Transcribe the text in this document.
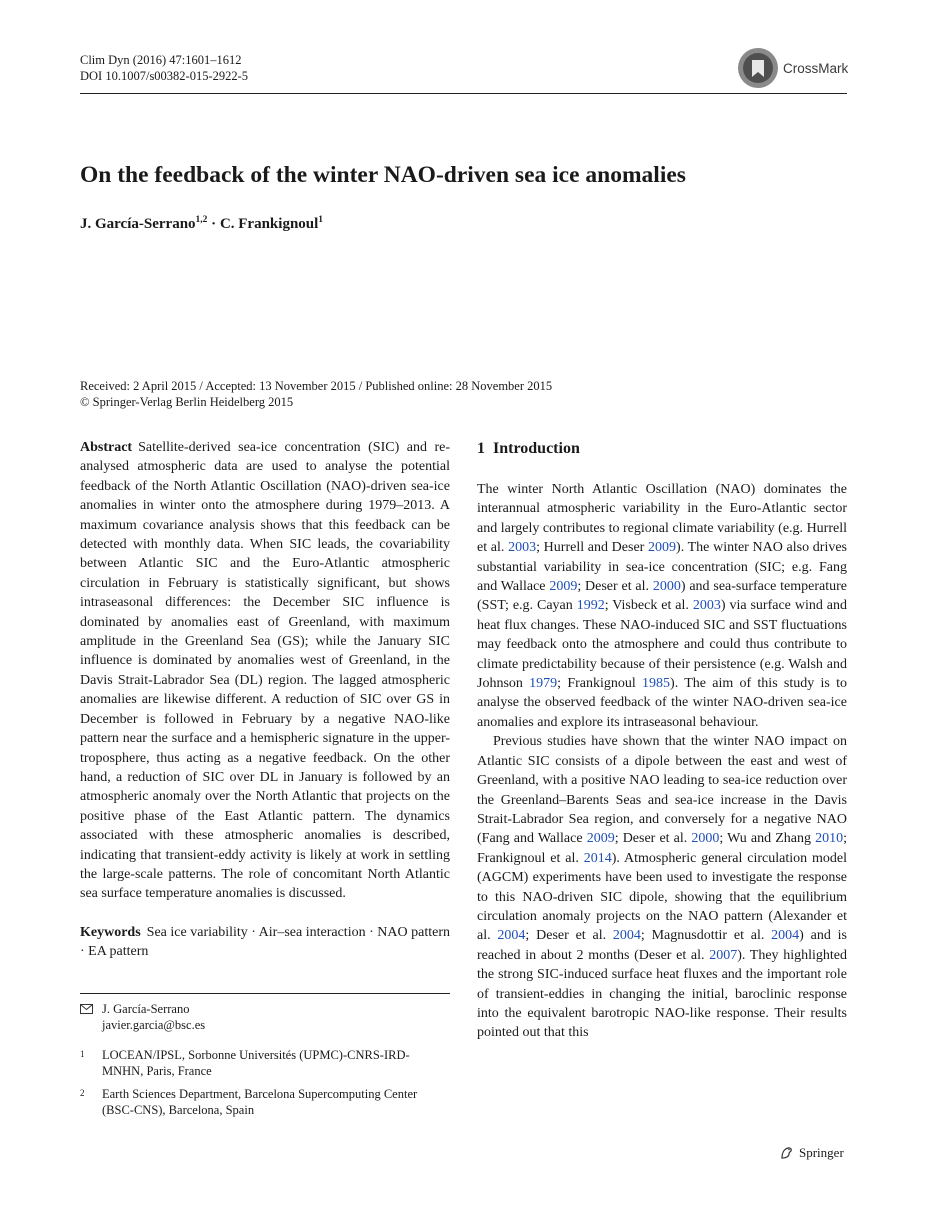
Clim Dyn (2016) 47:1601–1612
DOI 10.1007/s00382-015-2922-5
CrossMark
On the feedback of the winter NAO-driven sea ice anomalies
J. García-Serrano$^{1,2}$ · C. Frankignoul$^1$
Received: 2 April 2015 / Accepted: 13 November 2015 / Published online: 28 November 2015
© Springer-Verlag Berlin Heidelberg 2015

Abstract Satellite-derived sea-ice concentration (SIC) and re-analysed atmospheric data are used to analyse the potential feedback of the North Atlantic Oscillation (NAO)-driven sea-ice anomalies in winter onto the atmosphere during 1979–2013. A maximum covariance analysis shows that this feedback can be detected with monthly data. When SIC leads, the covariability between Atlantic SIC and the Euro-Atlantic atmospheric circulation in February is statistically significant, but shows intraseasonal differences: the December SIC influence is dominated by anomalies east of Greenland, with maximum amplitude in the Greenland Sea (GS); while the January SIC influence is dominated by anomalies west of Greenland, in the Davis Strait-Labrador Sea (DL) region. The lagged atmospheric anomalies are likewise different. A reduction of SIC over GS in December is followed in February by a negative NAO-like pattern near the surface and a hemispheric signature in the upper-troposphere, thus acting as a negative feedback. On the other hand, a reduction of SIC over DL in January is followed by an atmospheric anomaly over the North Atlantic that projects on the positive phase of the East Atlantic pattern. The dynamics associated with these atmospheric anomalies is described, indicating that transient-eddy activity is likely at work in settling the large-scale patterns. The role of concomitant North Atlantic sea surface temperature anomalies is discussed.

Keywords Sea ice variability · Air–sea interaction · NAO pattern · EA pattern

J. García-Serrano
javier.garcia@bsc.es
1	LOCEAN/IPSL, Sorbonne Universités (UPMC)-CNRS-IRD-MNHN, Paris, France
2	Earth Sciences Department, Barcelona Supercomputing Center (BSC-CNS), Barcelona, Spain
1 Introduction

The winter North Atlantic Oscillation (NAO) dominates the interannual atmospheric variability in the Euro-Atlantic sector and largely contributes to regional climate variability (e.g. Hurrell et al. 2003; Hurrell and Deser 2009). The winter NAO also drives substantial variability in sea-ice concentration (SIC; e.g. Fang and Wallace 2009; Deser et al. 2000) and sea-surface temperature (SST; e.g. Cayan 1992; Visbeck et al. 2003) via surface wind and heat flux changes. These NAO-induced SIC and SST fluctuations may feedback onto the atmosphere and could thus contribute to climate predictability because of their persistence (e.g. Walsh and Johnson 1979; Frankignoul 1985). The aim of this study is to analyse the observed feedback of the winter NAO-driven sea-ice anomalies and explore its intraseasonal behaviour.

Previous studies have shown that the winter NAO impact on Atlantic SIC consists of a dipole between the east and west of Greenland, with a positive NAO leading to sea-ice reduction over the Greenland–Barents Seas and sea-ice increase in the Davis Strait-Labrador Sea region, and conversely for a negative NAO (Fang and Wallace 2009; Deser et al. 2000; Wu and Zhang 2010; Frankignoul et al. 2014). Atmospheric general circulation model (AGCM) experiments have been used to investigate the response to this NAO-driven SIC dipole, showing that the equilibrium circulation anomaly projects on the NAO pattern (Alexander et al. 2004; Deser et al. 2004; Magnusdottir et al. 2004) and is reached in about 2 months (Deser et al. 2007). They highlighted the strong SIC-induced surface heat fluxes and the important role of transient-eddies in changing the initial, baroclinic response into the equivalent barotropic NAO-like response. Their results pointed out that this

Springer
